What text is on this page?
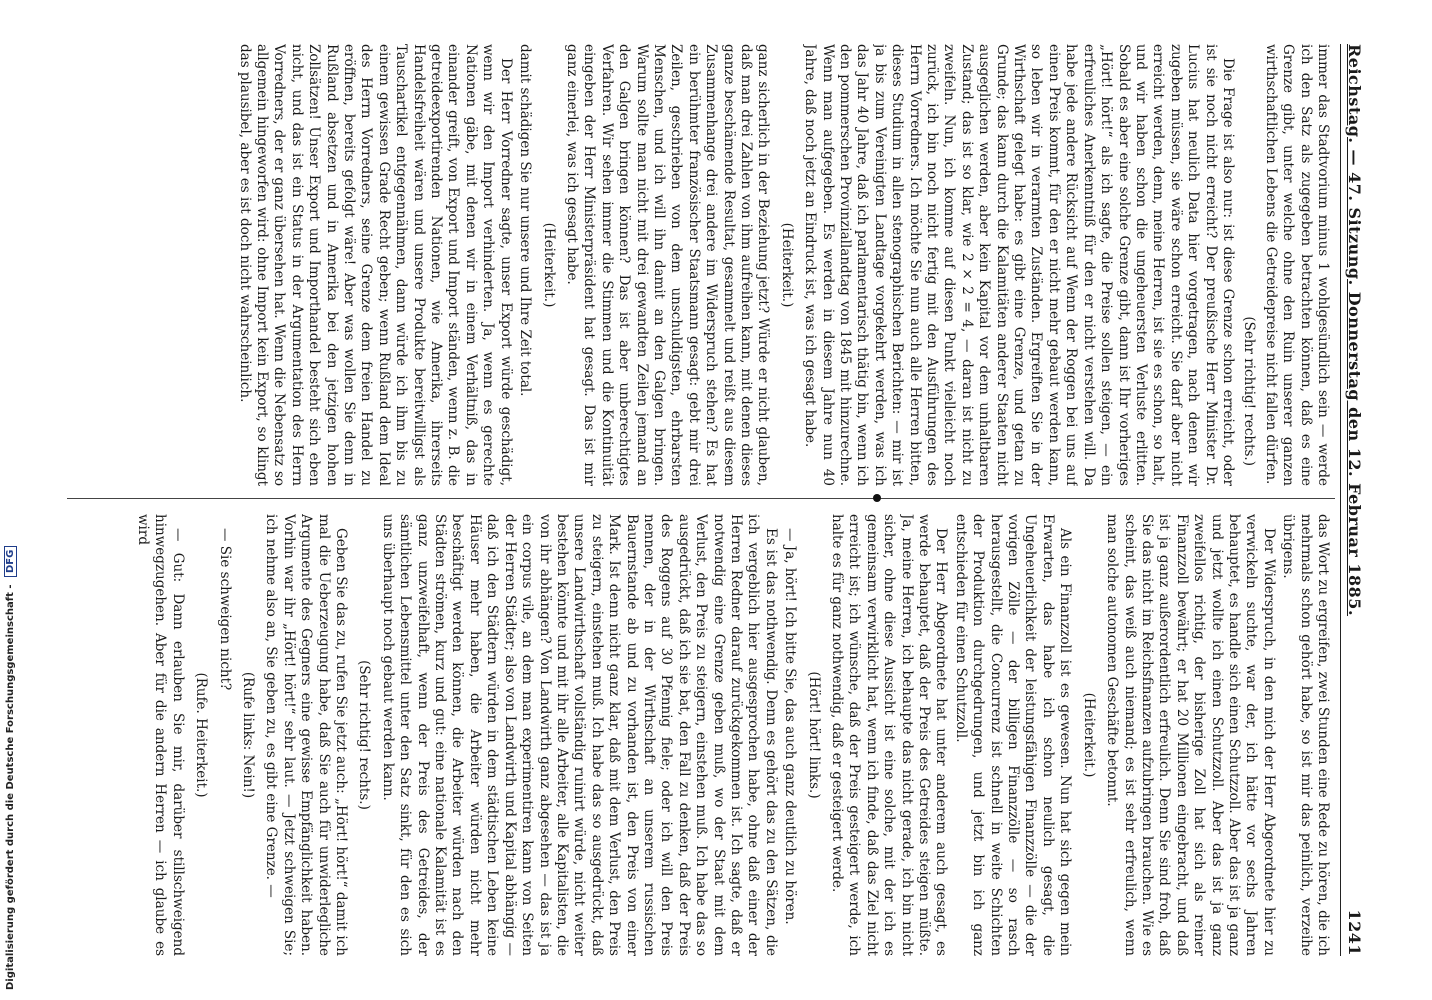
Reichstag. — 47. Sitzung. Donnerstag den 12. Februar 1885.
1241

immer das Stadtvorium minus 1 wohlgesündlich sein — werde ich den Satz als zugegeben betrachten können, daß es eine Grenze gibt, unter welche ohne den Ruin unserer ganzen wirthschaftlichen Lebens die Getreidepreise nicht fallen dürfen.

(Sehr richtig! rechts.)

Die Frage ist also nur: ist diese Grenze schon erreicht, oder ist sie noch nicht erreicht? Der preußische Herr Minister Dr. Lucius hat neulich Data hier vorgetragen, nach denen wir zugeben müssen, sie wäre schon erreicht. Sie darf aber nicht erreicht werden, denn, meine Herren, ist sie es schon, so halt, und wir haben schon die ungeheuersten Verluste erlitten. Sobald es aber eine solche Grenze gibt, dann ist Ihr vorheriges „Hört! hört!“ als ich sagte, die Preise sollen steigen, — ein erfreuliches Anerkenntniß für den er nicht verstehen will. Da habe jede andere Rücksicht auf Wenn der Roggen bei uns auf einen Preis kommt, für den er nicht mehr gebaut werden kann, so leben wir in verarmten Zuständen. Ergreiften Sie in der Wirthschaft gelegt habe: es gibt eine Grenze, und getan zu Grunde; das kann durch die Kalamitäten anderer Staaten nicht ausgeglichen werden, aber kein Kapital vor dem unhaltbaren Zustand; das ist so klar, wie 2 × 2 = 4, — daran ist nicht zu zweifeln. Nun, ich komme auf diesen Punkt vielleicht noch zurück, ich bin noch nicht fertig mit den Ausführungen des Herrn Vorredners. Ich möchte Sie nun auch alle Herren bitten, dieses Studium in allen stenographischen Berichten: — mir ist ja bis zum Vereinigten Landtage vorgekehrt werden, was ich das Jahr 40 Jahre, daß ich parlamentarisch thätig bin, wenn ich den pommerschen Provinziallandtag von 1845 mit hinzurechne. Wenn man aufgegeben. Es werden in diesem Jahre nun 40 Jahre, daß noch jetzt an Eindruck ist, was ich gesagt habe.

(Heiterkeit.)

ganz sicherlich in der Beziehung jetzt? Würde er nicht glauben, daß man drei Zahlen von ihm aufreihen kann, mit denen dieses ganze beschämende Resultat, gesammelt und reißt aus diesem Zusammenhange drei andere im Widerspruch stehen? Es hat ein berühmter französischer Staatsmann gesagt: gebt mir drei Zeilen, geschrieben von dem unschuldigsten, ehrbarsten Menschen, und ich will ihn damit an den Galgen bringen. Warum sollte man nicht mit drei gewandten Zeilen jemand an den Galgen bringen können? Das ist aber unberechtigtes Verfahren. Wir sehen immer die Stimmen und die Kontinuität eingeben der Herr Ministerpräsident hat gesagt. Das ist mir ganz einerlei, was ich gesagt habe.

(Heiterkeit.)

damit schädigen Sie nur unsere und Ihre Zeit total.

Der Herr Vorredner sagte, unser Export würde geschädigt, wenn wir den Import verhinderten. Ja, wenn es gerechte Nationen gäbe, mit denen wir in einem Verhältniß, das in einander greift, von Export und Import ständen, wenn z. B. die getreideexportirenden Nationen, wie Amerika, ihrerseits Handelsfreiheit wären und unsere Produkte bereitwilligst als Tauschartikel entgegennähmen, dann würde ich ihm bis zu einem gewissen Grade Recht geben; wenn Rußland dem Ideal des Herrn Vorredners, seine Grenze dem freien Handel zu eröffnen, bereits gefolgt wäre! Aber was wollen Sie denn in Rußland absetzen und in Amerika bei den jetzigen hohen Zollsätzen! Unser Export und Importhandel besteht sich eben nicht, und das ist ein Status in der Argumentation des Herrn Vorredners, der er ganz übersehen hat. Wenn die Nebensatz so allgemein hingeworfen wird: ohne Import kein Export, so klingt das plausibel, aber es ist doch nicht wahrscheinlich.

das Wort zu ergreifen, zwei Stunden eine Rede zu hören, die ich mehrmals schon gehört habe, so ist mir das peinlich, verzeihe übrigens.

Der Widerspruch, in den mich der Herr Abgeordnete hier zu verwickeln suchte, war der, ich hätte vor sechs Jahren behauptet, es handle sich einen Schutzzoll. Aber das ist ja ganz und jetzt wollte ich einen Schutzzoll. Aber das ist ja ganz zweifellos richtig, der bisherige Zoll hat sich als reiner Finanzzoll bewährt; er hat 20 Millionen eingebracht, und daß ist ja ganz außerordentlich erfreulich. Denn Sie sind froh, daß Sie das nicht im Reichsfinanzen aufzubringen brauchen. Wie es scheint, das weiß auch niemand; es ist sehr erfreulich, wenn man solche autonomen Geschäfte betonnt.

(Heiterkeit.)

Als ein Finanzzoll ist es gewesen. Nun hat sich gegen mein Erwarten, das habe ich schon neulich gesagt, die Ungeheuerlichkeit der leistungsfähigen Finanzzölle — die der vorigen Zölle — der billigen Finanzzölle — so rasch herausgestellt, die Concurrenz ist schnell in weite Schichten der Produktion durchgedrungen, und jetzt bin ich ganz entschieden für einen Schutzzoll.

Der Herr Abgeordnete hat unter anderem auch gesagt, es werde behauptet, daß der Preis des Getreides steigen müßte. Ja, meine Herren, ich behaupte das nicht gerade, ich bin nicht sicher, ohne diese Aussicht ist eine solche, mit der ich es gemeinsam verwirklicht hat, wenn ich finde, daß das Ziel nicht erreicht ist; ich wünsche, daß der Preis gesteigert werde, ich halte es für ganz nothwendig, daß er gesteigert werde.

(Hört! hört! links.)

— Ja, hört! Ich bitte Sie, das auch ganz deutlich zu hören.

Es ist das nothwendig. Denn es gehört das zu den Sätzen, die ich vergeblich hier ausgesprochen habe, ohne daß einer der Herren Redner darauf zurückgekommen ist. Ich sagte, daß er notwendig eine Grenze geben muß, wo der Staat mit dem Verlust, den Preis zu steigern, einstehen muß. Ich habe das so ausgedrückt, daß ich sie bat, den Fall zu denken, daß der Preis des Roggens auf 30 Pfennig fiele; oder ich will den Preis nennen, der in der Wirthschaft an unserem russischen Bauernstande ab und zu vorhanden ist, den Preis von einer Mark. Ist denn nicht ganz klar, daß mit dem Verlust, den Preis zu steigern, einstehen muß. Ich habe das so ausgedrückt, daß unsere Landwirthschaft vollständig ruinirt würde, nicht weiter bestehen könnte und mit ihr alle Arbeiter, alle Kapitalisten, die von ihr abhängen? Von Landwirth ganz abgesehen — das ist ja ein corpus vile, an dem man experimentiren kann von Seiten der Herren Städter; also von Landwirth und Kapital abhängig — daß ich den Städtern würden in dem städtischen Leben keine Häuser mehr haben, die Arbeiter würden nicht mehr beschäftigt werden können, die Arbeiter würden nach den Städten strömen, kurz und gut: eine nationale Kalamität ist es ganz unzweifelhaft, wenn der Preis des Getreides, der sämtlichen Lebensmittel unter den Satz sinkt, für den es sich uns überhaupt noch gebaut werden kann.

(Sehr richtig! rechts.)

Geben Sie das zu, rufen Sie jetzt auch: „Hört! hört!“ damit ich mal die Ueberzeugung habe, daß Sie auch für unwiderlegliche Argumente des Gegners eine gewisse Empfänglichkeit haben. Vorhin war ihr „Hört! hört!“ sehr laut. — Jetzt schweigen Sie; ich nehme also an, Sie geben zu, es gibt eine Grenze. —

(Rufe links: Nein!)

— Sie schweigen nicht?

(Rufe. Heiterkeit.)

— Gut: Dann erlauben Sie mir, darüber stillschweigend hinwegzugehen. Aber für die andern Herren — ich glaube es wird

Digitalisierung gefördert durch die Deutsche Forschungsgemeinschaft - DFG
